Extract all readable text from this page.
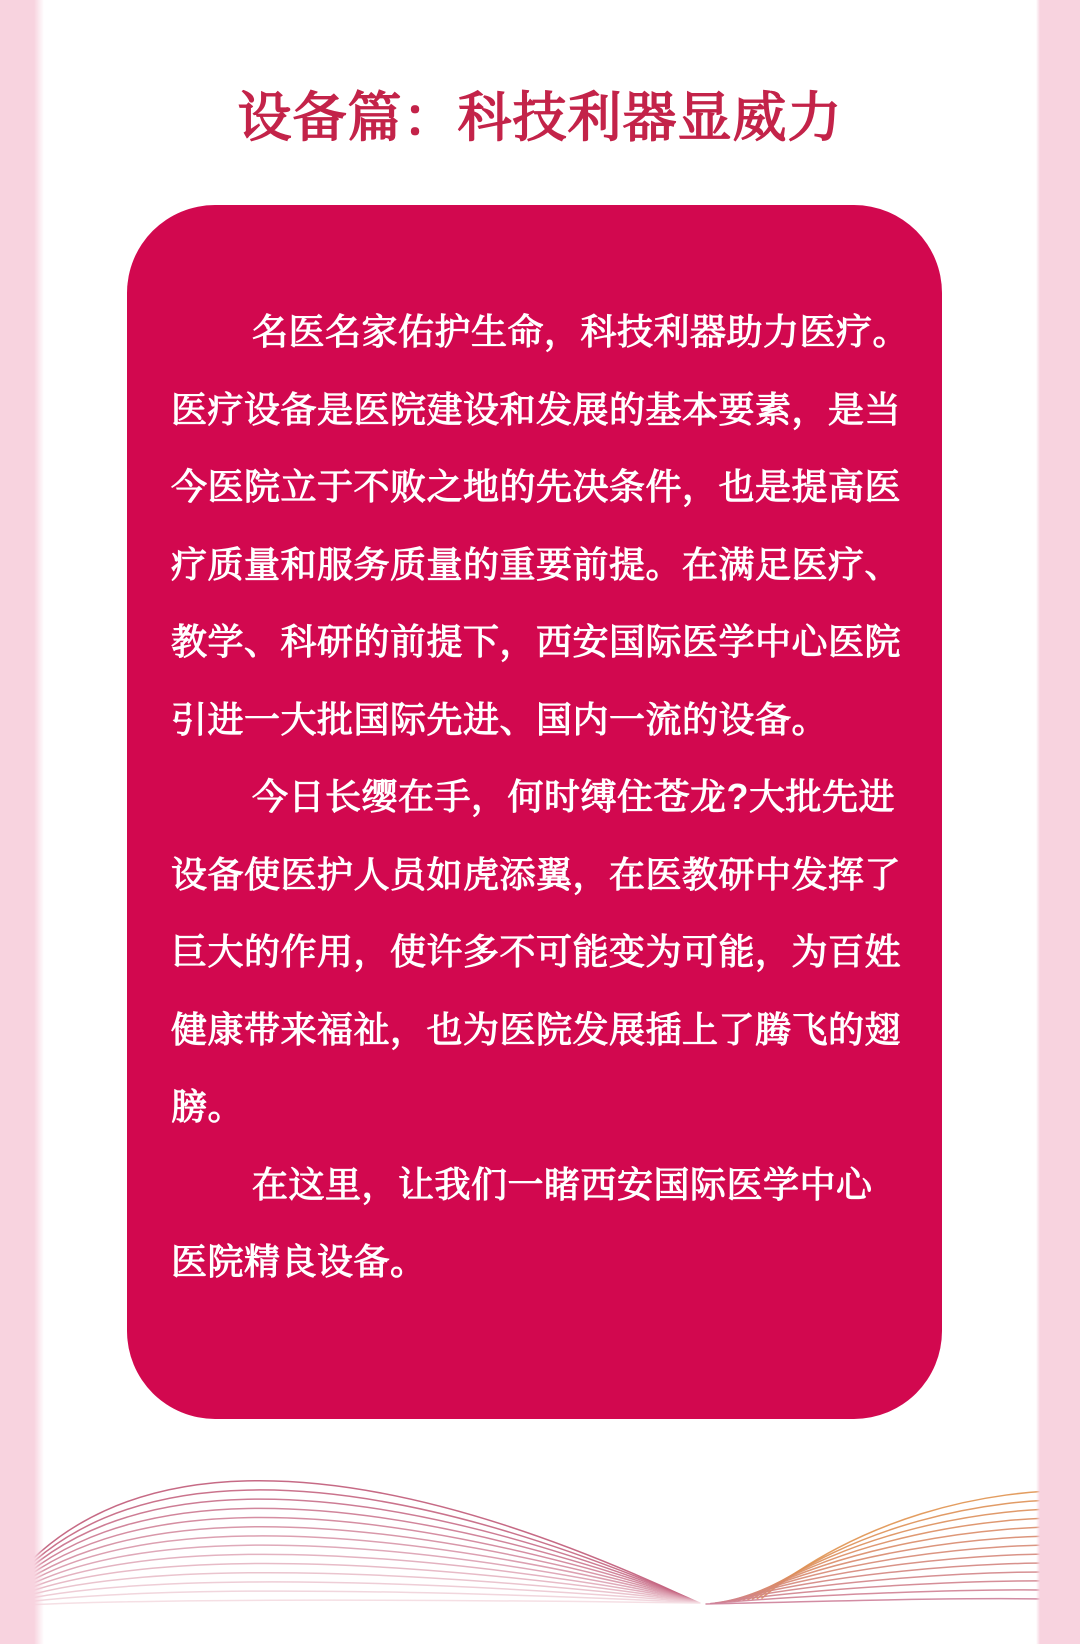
设备篇：科技利器显威力
名医名家佑护生命，科技利器助力医疗。
医疗设备是医院建设和发展的基本要素，是当
今医院立于不败之地的先决条件，也是提高医
疗质量和服务质量的重要前提。在满足医疗、
教学、科研的前提下，西安国际医学中心医院
引进一大批国际先进、国内一流的设备。
今日长缨在手，何时缚住苍龙?大批先进
设备使医护人员如虎添翼，在医教研中发挥了
巨大的作用，使许多不可能变为可能，为百姓
健康带来福祉，也为医院发展插上了腾飞的翅
膀。
在这里，让我们一睹西安国际医学中心
医院精良设备。
